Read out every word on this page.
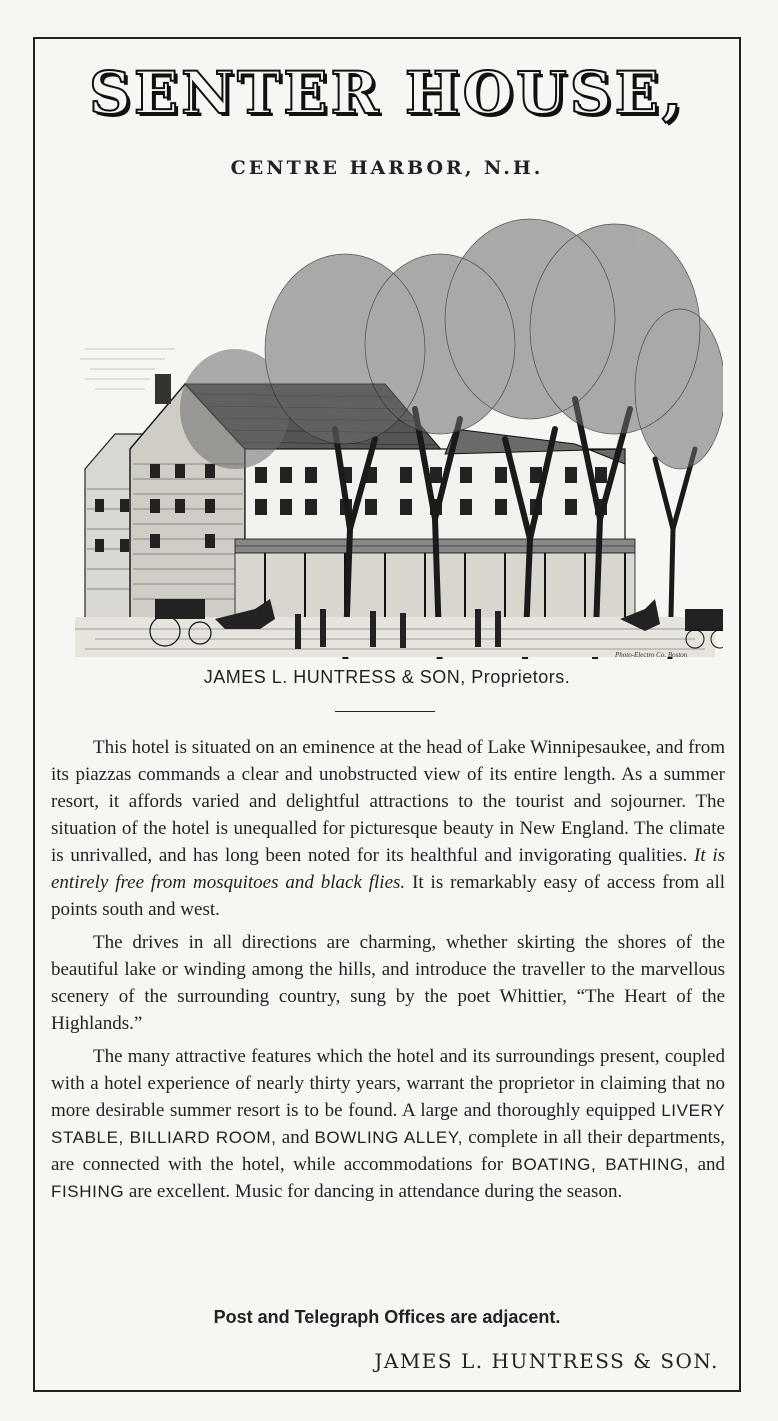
SENTER HOUSE,
CENTRE HARBOR, N.H.
Photo-Electro Co. Boston
JAMES L. HUNTRESS & SON, Proprietors.

This hotel is situated on an eminence at the head of Lake Winnipesaukee, and from its piazzas commands a clear and unobstructed view of its entire length. As a summer resort, it affords varied and delightful attractions to the tourist and sojourner. The situation of the hotel is unequalled for picturesque beauty in New England. The climate is unrivalled, and has long been noted for its healthful and invigorating qualities. It is entirely free from mosquitoes and black flies. It is remarkably easy of access from all points south and west.

The drives in all directions are charming, whether skirting the shores of the beautiful lake or winding among the hills, and introduce the traveller to the marvellous scenery of the surrounding country, sung by the poet Whittier, “The Heart of the Highlands.”

The many attractive features which the hotel and its surroundings present, coupled with a hotel experience of nearly thirty years, warrant the proprietor in claiming that no more desirable summer resort is to be found. A large and thoroughly equipped LIVERY STABLE, BILLIARD ROOM, and BOWLING ALLEY, complete in all their departments, are connected with the hotel, while accommodations for BOATING, BATHING, and FISHING are excellent. Music for dancing in attendance during the season.

Post and Telegraph Offices are adjacent.
JAMES L. HUNTRESS & SON.
